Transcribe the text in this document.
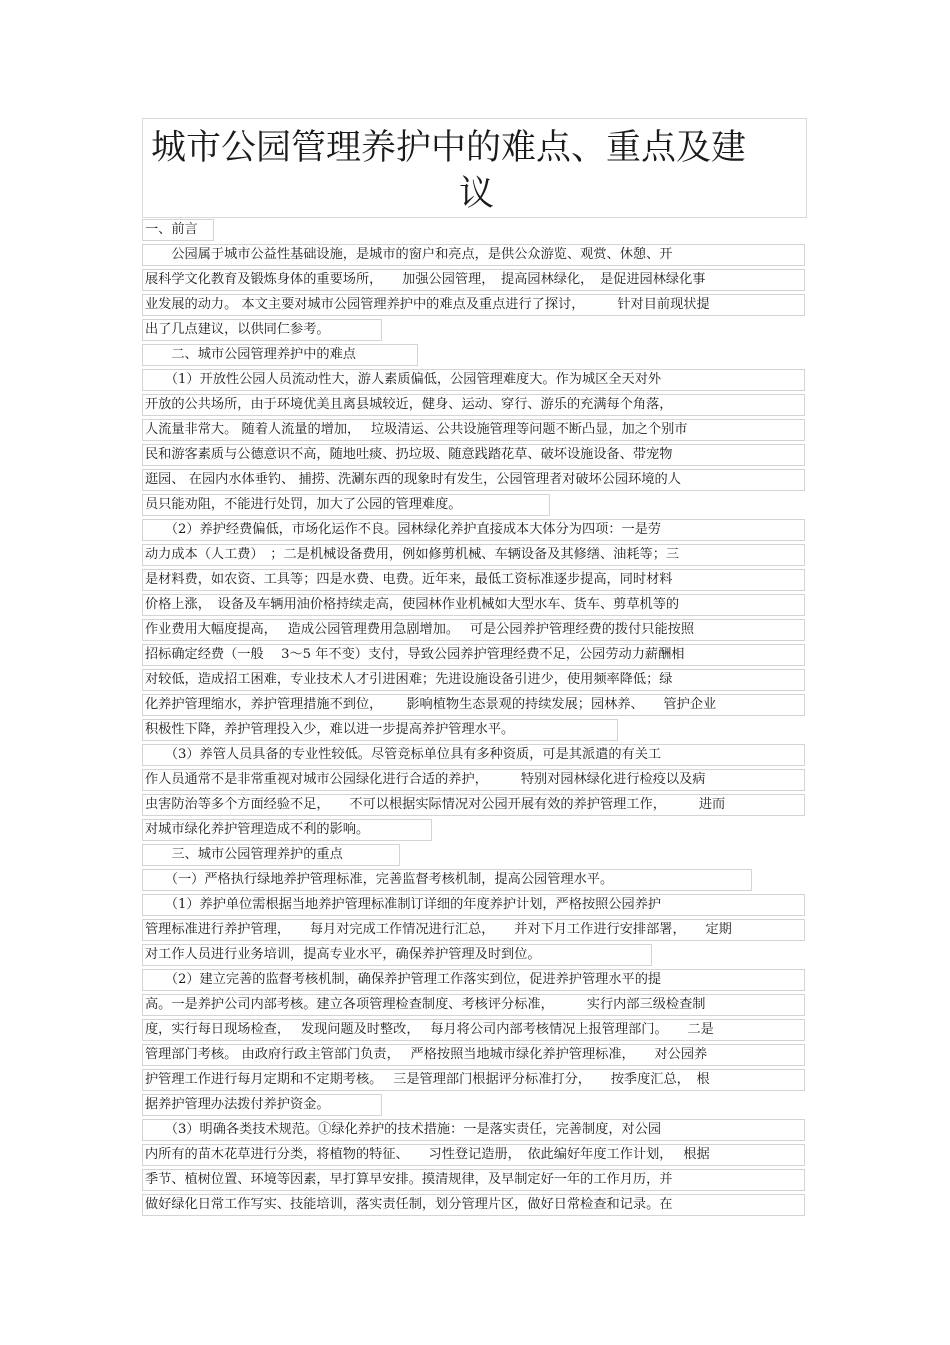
城市公园管理养护中的难点、重点及建
议
一、前言
　　公园属于城市公益性基础设施，是城市的窗户和亮点，是供公众游览、观赏、休憩、开
展科学文化教育及锻炼身体的重要场所，　　加强公园管理，　提高园林绿化，　是促进园林绿化事
业发展的动力。 本文主要对城市公园管理养护中的难点及重点进行了探讨，　　　针对目前现状提
出了几点建议，以供同仁参考。
　　二、城市公园管理养护中的难点
　　（1）开放性公园人员流动性大，游人素质偏低，公园管理难度大。作为城区全天对外
开放的公共场所，由于环境优美且离县城较近，健身、运动、穿行、游乐的充满每个角落，
人流量非常大。 随着人流量的增加，　 垃圾清运、公共设施管理等问题不断凸显，加之个别市
民和游客素质与公德意识不高，随地吐痰、扔垃圾、随意践踏花草、破坏设施设备、带宠物
逛园、 在园内水体垂钓、 捕捞、洗涮东西的现象时有发生，公园管理者对破坏公园环境的人
员只能劝阻，不能进行处罚，加大了公园的管理难度。
　　（2）养护经费偏低，市场化运作不良。园林绿化养护直接成本大体分为四项：一是劳
动力成本（人工费）　；二是机械设备费用，例如修剪机械、车辆设备及其修缮、油耗等；三
是材料费，如农资、工具等；四是水费、电费。近年来，最低工资标准逐步提高，同时材料
价格上涨，　设备及车辆用油价格持续走高，使园林作业机械如大型水车、货车、剪草机等的
作业费用大幅度提高，　 造成公园管理费用急剧增加。　 可是公园养护管理经费的拨付只能按照
招标确定经费（一般　 3～5 年不变）支付，导致公园养护管理经费不足，公园劳动力薪酬相
对较低，造成招工困难，专业技术人才引进困难；先进设施设备引进少，使用频率降低；绿
化养护管理缩水，养护管理措施不到位，　　 影响植物生态景观的持续发展；园林养、　　管护企业
积极性下降，养护管理投入少，难以进一步提高养护管理水平。
　　（3）养管人员具备的专业性较低。尽管竞标单位具有多种资质，可是其派遣的有关工
作人员通常不是非常重视对城市公园绿化进行合适的养护，　　　特别对园林绿化进行检疫以及病
虫害防治等多个方面经验不足，　　不可以根据实际情况对公园开展有效的养护管理工作，　　　进而
对城市绿化养护管理造成不利的影响。
　　三、城市公园管理养护的重点
　　（一）严格执行绿地养护管理标准，完善监督考核机制，提高公园管理水平。
　　（1）养护单位需根据当地养护管理标准制订详细的年度养护计划，严格按照公园养护
管理标准进行养护管理，　　每月对完成工作情况进行汇总，　　并对下月工作进行安排部署，　　定期
对工作人员进行业务培训，提高专业水平，确保养护管理及时到位。
　　（2）建立完善的监督考核机制，确保养护管理工作落实到位，促进养护管理水平的提
高。一是养护公司内部考核。建立各项管理检查制度、考核评分标准，　　　实行内部三级检查制
度，实行每日现场检查，　 发现问题及时整改，　 每月将公司内部考核情况上报管理部门。　　二是
管理部门考核。 由政府行政主管部门负责，　 严格按照当地城市绿化养护管理标准，　　对公园养
护管理工作进行每月定期和不定期考核。　 三是管理部门根据评分标准打分，　　按季度汇总，　根
据养护管理办法拨付养护资金。
　　（3）明确各类技术规范。①绿化养护的技术措施：一是落实责任，完善制度，对公园
内所有的苗木花草进行分类，将植物的特征、　　习性登记造册，　依此编好年度工作计划，　 根据
季节、植树位置、环境等因素，早打算早安排。摸清规律，及早制定好一年的工作月历，并
做好绿化日常工作写实、技能培训，落实责任制，划分管理片区，做好日常检查和记录。在
